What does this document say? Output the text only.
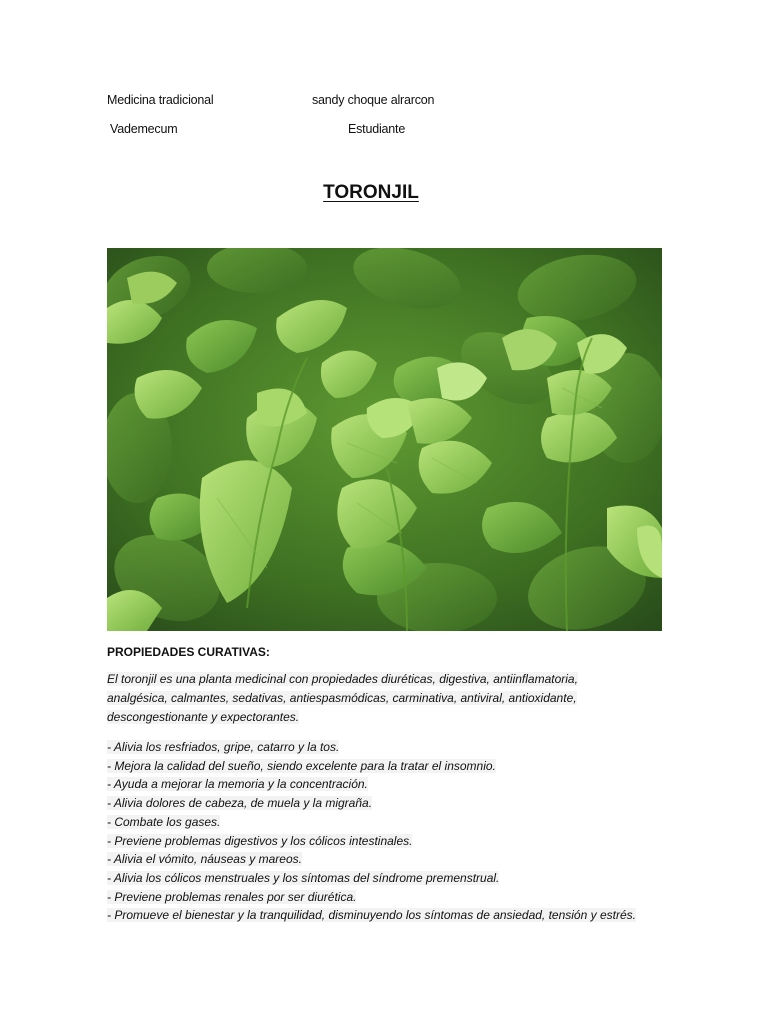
Medicina tradicional	sandy choque alrarcon
Vademecum	Estudiante
TORONJIL
PROPIEDADES CURATIVAS:
El toronjil es una planta medicinal con propiedades diuréticas, digestiva, antiinflamatoria,
analgésica, calmantes, sedativas, antiespasmódicas, carminativa, antiviral, antioxidante,
descongestionante y expectorantes.
- Alivia los resfriados, gripe, catarro y la tos.
- Mejora la calidad del sueño, siendo excelente para la tratar el insomnio.
- Ayuda a mejorar la memoria y la concentración.
- Alivia dolores de cabeza, de muela y la migraña.
- Combate los gases.
- Previene problemas digestivos y los cólicos intestinales.
- Alivia el vómito, náuseas y mareos.
- Alivia los cólicos menstruales y los síntomas del síndrome premenstrual.
- Previene problemas renales por ser diurética.
- Promueve el bienestar y la tranquilidad, disminuyendo los síntomas de ansiedad, tensión y estrés.
